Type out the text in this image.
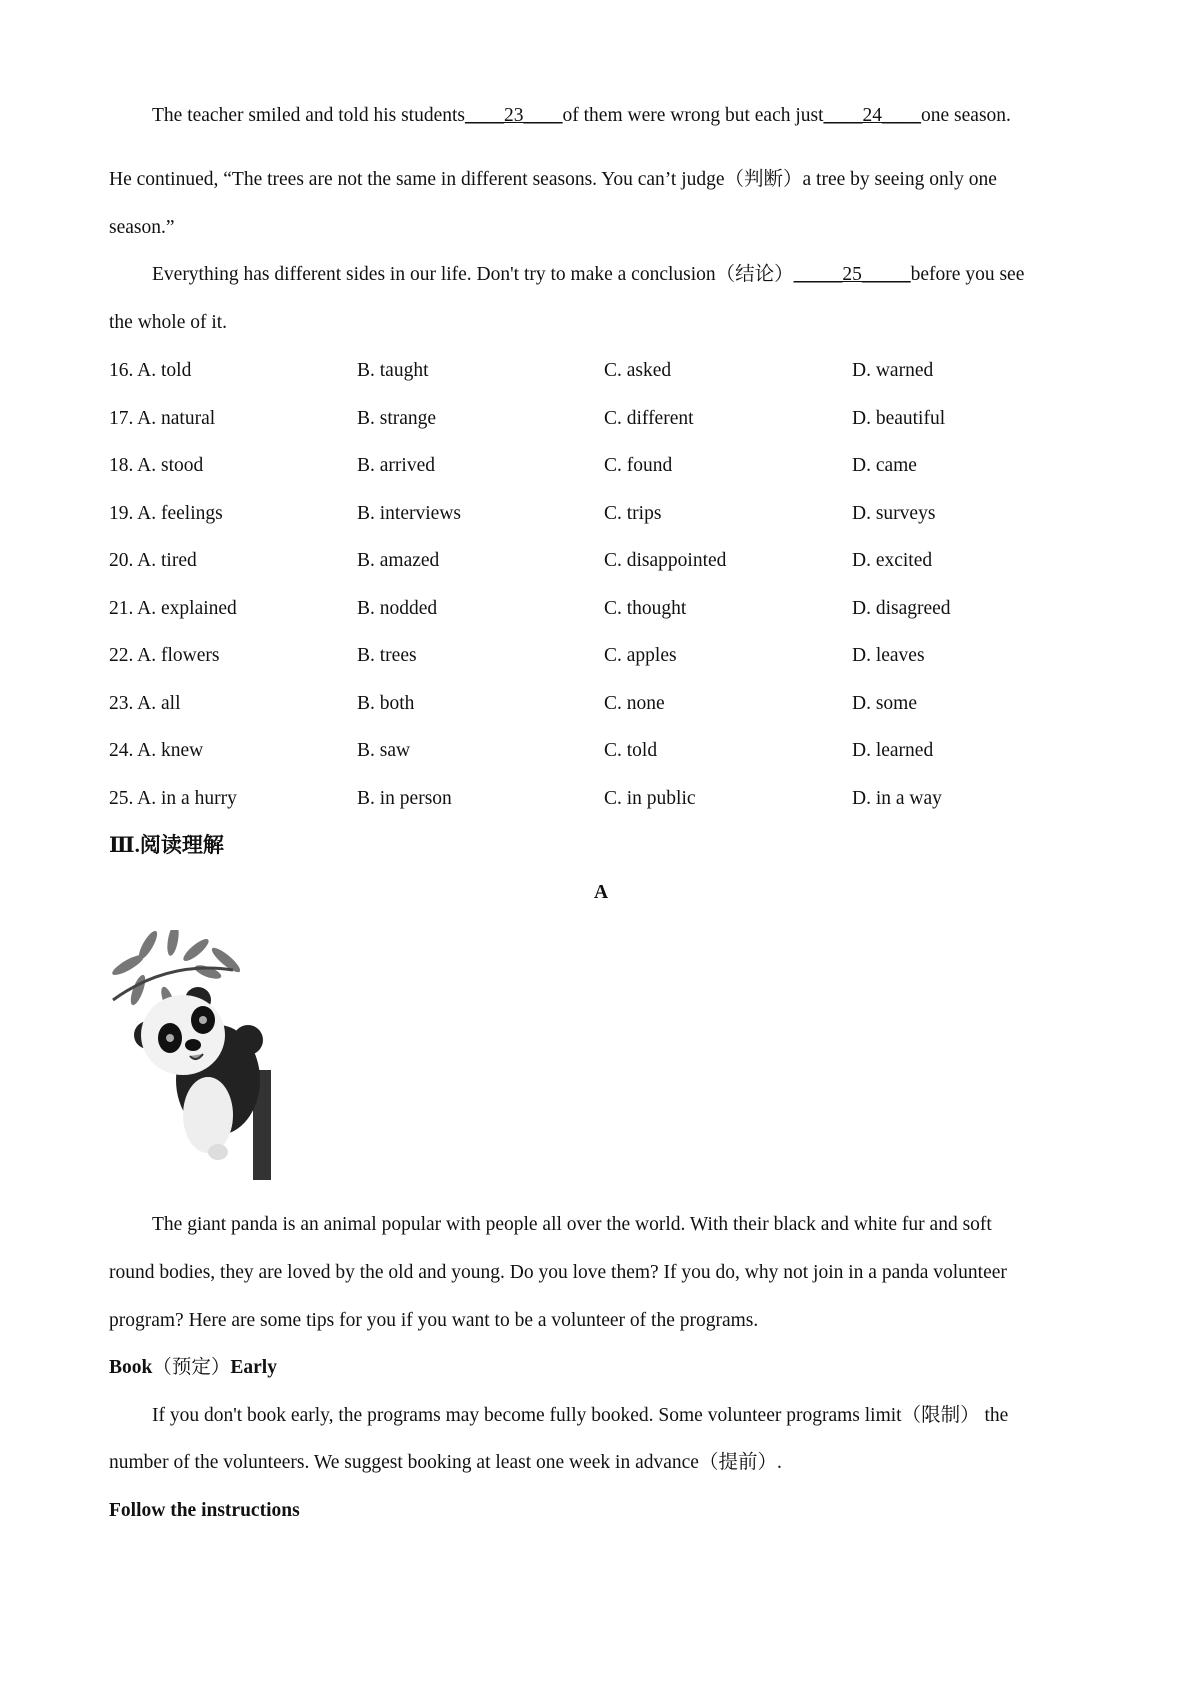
The teacher smiled and told his students____23____of them were wrong but each just____24____one season.
He continued, “The trees are not the same in different seasons. You can’t judge（判断）a tree by seeing only one
season.”
Everything has different sides in our life. Don't try to make a conclusion（结论）_____25_____before you see
the whole of it.
16. A. told	B. taught	C. asked	D. warned
17. A. natural	B. strange	C. different	D. beautiful
18. A. stood	B. arrived	C. found	D. came
19. A. feelings	B. interviews	C. trips	D. surveys
20. A. tired	B. amazed	C. disappointed	D. excited
21. A. explained	B. nodded	C. thought	D. disagreed
22. A. flowers	B. trees	C. apples	D. leaves
23. A. all	B. both	C. none	D. some
24. A. knew	B. saw	C. told	D. learned
25. A. in a hurry	B. in person	C. in public	D. in a way
Ⅲ.阅读理解
A
The giant panda is an animal popular with people all over the world. With their black and white fur and soft
round bodies, they are loved by the old and young. Do you love them? If you do, why not join in a panda volunteer
program? Here are some tips for you if you want to be a volunteer of the programs.
Book（预定）Early
If you don't book early, the programs may become fully booked. Some volunteer programs limit（限制） the
number of the volunteers. We suggest booking at least one week in advance（提前）.
Follow the instructions
